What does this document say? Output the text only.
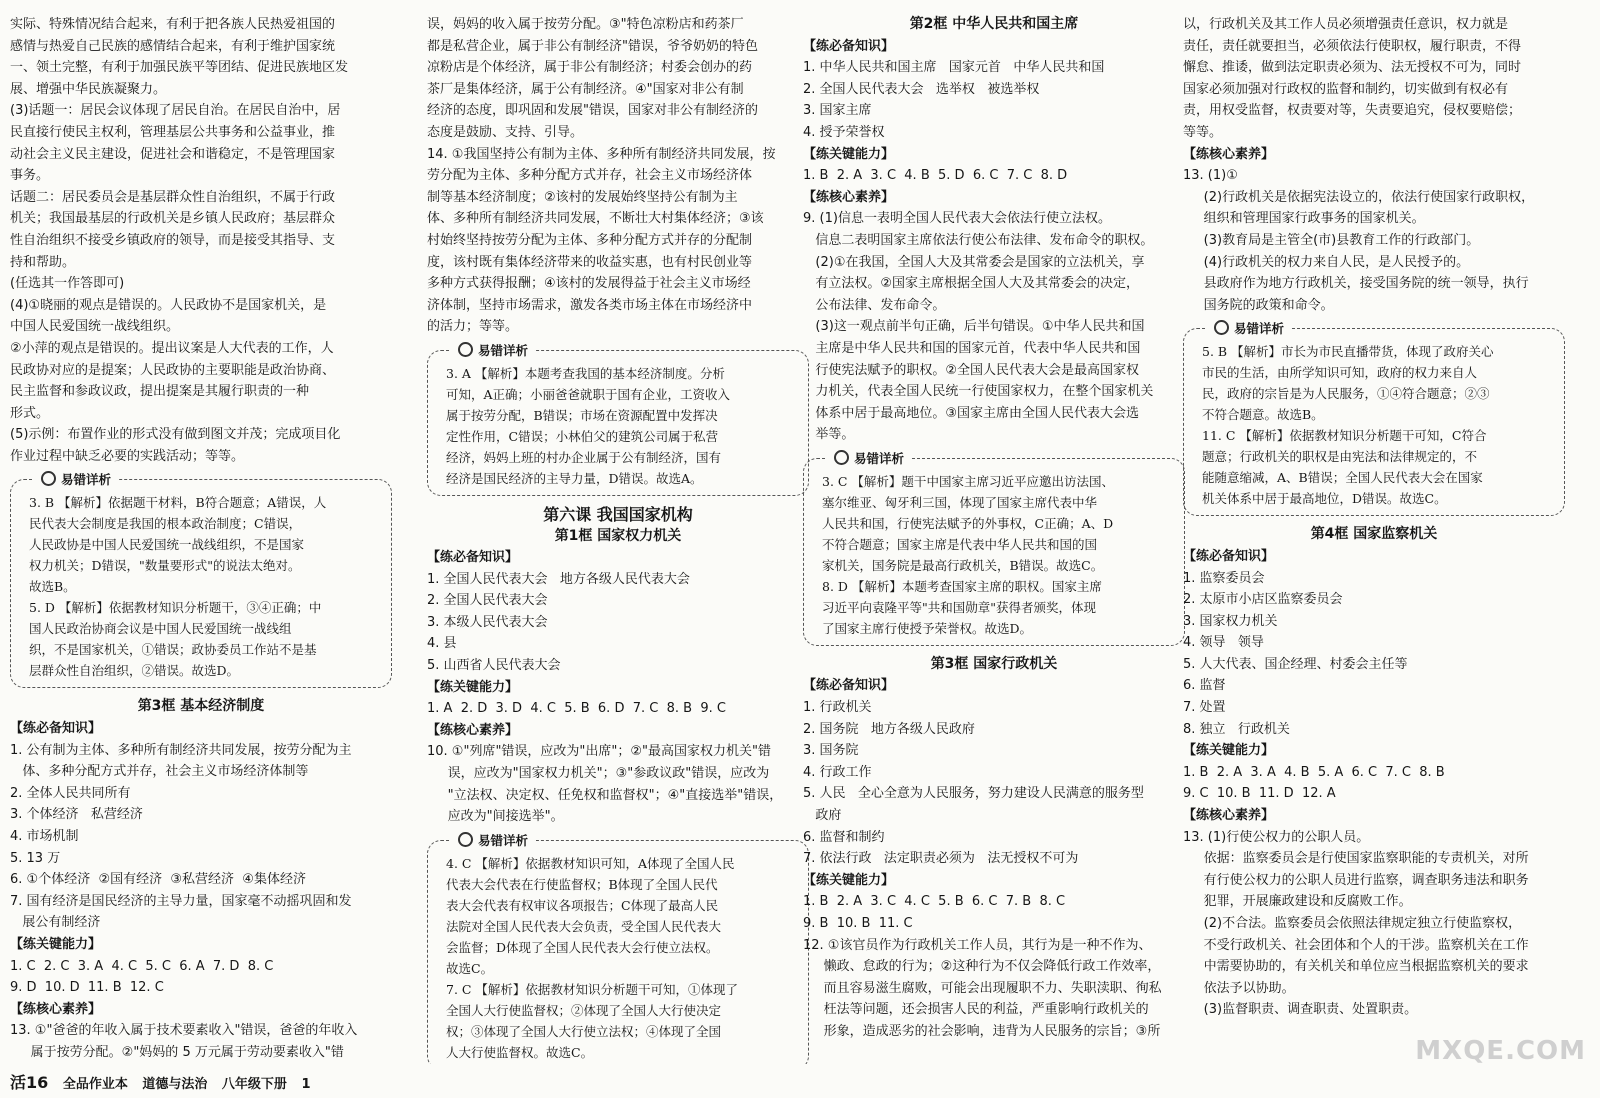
实际、特殊情况结合起来，有利于把各族人民热爱祖国的
感情与热爱自己民族的感情结合起来，有利于维护国家统
一、领土完整，有利于加强民族平等团结、促进民族地区发
展、增强中华民族凝聚力。
(3)话题一：居民会议体现了居民自治。在居民自治中，居
民直接行使民主权利，管理基层公共事务和公益事业，推
动社会主义民主建设，促进社会和谐稳定，不是管理国家
事务。
话题二：居民委员会是基层群众性自治组织，不属于行政
机关；我国最基层的行政机关是乡镇人民政府；基层群众
性自治组织不接受乡镇政府的领导，而是接受其指导、支
持和帮助。
(任选其一作答即可)
(4)①晓丽的观点是错误的。人民政协不是国家机关，是
中国人民爱国统一战线组织。
②小萍的观点是错误的。提出议案是人大代表的工作，人
民政协对应的是提案；人民政协的主要职能是政治协商、
民主监督和参政议政，提出提案是其履行职责的一种
形式。
(5)示例：布置作业的形式没有做到图文并茂；完成项目化
作业过程中缺乏必要的实践活动；等等。
易错详析

3. B 【解析】依据题干材料，B符合题意；A错误，人
民代表大会制度是我国的根本政治制度；C错误，
人民政协是中国人民爱国统一战线组织，不是国家
权力机关；D错误，"数量要形式"的说法太绝对。
故选B。
5. D 【解析】依据教材知识分析题干，③④正确；中
国人民政治协商会议是中国人民爱国统一战线组
织，不是国家机关，①错误；政协委员工作站不是基
层群众性自治组织，②错误。故选D。

第3框 基本经济制度
【练必备知识】
1. 公有制为主体、多种所有制经济共同发展，按劳分配为主
体、多种分配方式并存，社会主义市场经济体制等
2. 全体人民共同所有
3. 个体经济   私营经济
4. 市场机制
5. 13 万
6. ①个体经济  ②国有经济  ③私营经济  ④集体经济
7. 国有经济是国民经济的主导力量，国家毫不动摇巩固和发
展公有制经济
【练关键能力】
1. C  2. C  3. A  4. C  5. C  6. A  7. D  8. C
9. D  10. D  11. B  12. C
【练核心素养】
13. ①"爸爸的年收入属于技术要素收入"错误，爸爸的年收入
属于按劳分配。②"妈妈的 5 万元属于劳动要素收入"错
误，妈妈的收入属于按劳分配。③"特色凉粉店和药茶厂
都是私营企业，属于非公有制经济"错误，爷爷奶奶的特色
凉粉店是个体经济，属于非公有制经济；村委会创办的药
茶厂是集体经济，属于公有制经济。④"国家对非公有制
经济的态度，即巩固和发展"错误，国家对非公有制经济的
态度是鼓励、支持、引导。
14. ①我国坚持公有制为主体、多种所有制经济共同发展，按
劳分配为主体、多种分配方式并存，社会主义市场经济体
制等基本经济制度；②该村的发展始终坚持公有制为主
体、多种所有制经济共同发展，不断壮大村集体经济；③该
村始终坚持按劳分配为主体、多种分配方式并存的分配制
度，该村既有集体经济带来的收益实惠，也有村民创业等
多种方式获得报酬；④该村的发展得益于社会主义市场经
济体制，坚持市场需求，激发各类市场主体在市场经济中
的活力；等等。
易错详析

3. A 【解析】本题考查我国的基本经济制度。分析
可知，A正确；小丽爸爸就职于国有企业，工资收入
属于按劳分配，B错误；市场在资源配置中发挥决
定性作用，C错误；小林伯父的建筑公司属于私营
经济，妈妈上班的村办企业属于公有制经济，国有
经济是国民经济的主导力量，D错误。故选A。

第六课 我国国家机构
第1框 国家权力机关
【练必备知识】
1. 全国人民代表大会   地方各级人民代表大会
2. 全国人民代表大会
3. 本级人民代表大会
4. 县
5. 山西省人民代表大会
【练关键能力】
1. A  2. D  3. D  4. C  5. B  6. D  7. C  8. B  9. C
【练核心素养】
10. ①"列席"错误，应改为"出席"；②"最高国家权力机关"错
误，应改为"国家权力机关"；③"参政议政"错误，应改为
"立法权、决定权、任免权和监督权"；④"直接选举"错误，
应改为"间接选举"。
易错详析

4. C 【解析】依据教材知识可知，A体现了全国人民
代表大会代表在行使监督权；B体现了全国人民代
表大会代表有权审议各项报告；C体现了最高人民
法院对全国人民代表大会负责，受全国人民代表大
会监督；D体现了全国人民代表大会行使立法权。
故选C。
7. C 【解析】依据教材知识分析题干可知，①体现了
全国人大行使监督权；②体现了全国人大行使决定
权；③体现了全国人大行使立法权；④体现了全国
人大行使监督权。故选C。

第2框 中华人民共和国主席
【练必备知识】
1. 中华人民共和国主席   国家元首   中华人民共和国
2. 全国人民代表大会   选举权   被选举权
3. 国家主席
4. 授予荣誉权
【练关键能力】
1. B  2. A  3. C  4. B  5. D  6. C  7. C  8. D
【练核心素养】
9. (1)信息一表明全国人民代表大会依法行使立法权。
信息二表明国家主席依法行使公布法律、发布命令的职权。
(2)①在我国，全国人大及其常委会是国家的立法机关，享
有立法权。②国家主席根据全国人大及其常委会的决定，
公布法律、发布命令。
(3)这一观点前半句正确，后半句错误。①中华人民共和国
主席是中华人民共和国的国家元首，代表中华人民共和国
行使宪法赋予的职权。②全国人民代表大会是最高国家权
力机关，代表全国人民统一行使国家权力，在整个国家机关
体系中居于最高地位。③国家主席由全国人民代表大会选
举等。
易错详析

3. C 【解析】题干中国家主席习近平应邀出访法国、
塞尔维亚、匈牙利三国，体现了国家主席代表中华
人民共和国，行使宪法赋予的外事权，C正确；A、D
不符合题意；国家主席是代表中华人民共和国的国
家机关，国务院是最高行政机关，B错误。故选C。
8. D 【解析】本题考查国家主席的职权。国家主席
习近平向袁隆平等"共和国勋章"获得者颁奖，体现
了国家主席行使授予荣誉权。故选D。

第3框 国家行政机关
【练必备知识】
1. 行政机关
2. 国务院   地方各级人民政府
3. 国务院
4. 行政工作
5. 人民   全心全意为人民服务，努力建设人民满意的服务型
政府
6. 监督和制约
7. 依法行政   法定职责必须为   法无授权不可为
【练关键能力】
1. B  2. A  3. C  4. C  5. B  6. C  7. B  8. C
9. B  10. B  11. C
12. ①该官员作为行政机关工作人员，其行为是一种不作为、
懒政、怠政的行为；②这种行为不仅会降低行政工作效率，
而且容易滋生腐败，可能会出现履职不力、失职渎职、徇私
枉法等问题，还会损害人民的利益，严重影响行政机关的
形象，造成恶劣的社会影响，违背为人民服务的宗旨；③所
以，行政机关及其工作人员必须增强责任意识，权力就是
责任，责任就要担当，必须依法行使职权，履行职责，不得
懈怠、推诿，做到法定职责必须为、法无授权不可为，同时
国家必须加强对行政权的监督和制约，切实做到有权必有
责，用权受监督，权责要对等，失责要追究，侵权要赔偿；
等等。
【练核心素养】
13. (1)①
(2)行政机关是依据宪法设立的，依法行使国家行政职权，
组织和管理国家行政事务的国家机关。
(3)教育局是主管全(市)县教育工作的行政部门。
(4)行政机关的权力来自人民，是人民授予的。
县政府作为地方行政机关，接受国务院的统一领导，执行
国务院的政策和命令。
易错详析

5. B 【解析】市长为市民直播带货，体现了政府关心
市民的生活，由所学知识可知，政府的权力来自人
民，政府的宗旨是为人民服务，①④符合题意；②③
不符合题意。故选B。
11. C 【解析】依据教材知识分析题干可知，C符合
题意；行政机关的职权是由宪法和法律规定的，不
能随意缩减，A、B错误；全国人民代表大会在国家
机关体系中居于最高地位，D错误。故选C。

第4框 国家监察机关
【练必备知识】
1. 监察委员会
2. 太原市小店区监察委员会
3. 国家权力机关
4. 领导   领导
5. 人大代表、国企经理、村委会主任等
6. 监督
7. 处置
8. 独立   行政机关
【练关键能力】
1. B  2. A  3. A  4. B  5. A  6. C  7. C  8. B
9. C  10. B  11. D  12. A
【练核心素养】
13. (1)行使公权力的公职人员。
依据：监察委员会是行使国家监察职能的专责机关，对所
有行使公权力的公职人员进行监察，调查职务违法和职务
犯罪，开展廉政建设和反腐败工作。
(2)不合法。监察委员会依照法律规定独立行使监察权，
不受行政机关、社会团体和个人的干涉。监察机关在工作
中需要协助的，有关机关和单位应当根据监察机关的要求
依法予以协助。
(3)监督职责、调查职责、处置职责。
活16 全品作业本 道德与法治 八年级下册 1
MXQE.COM
